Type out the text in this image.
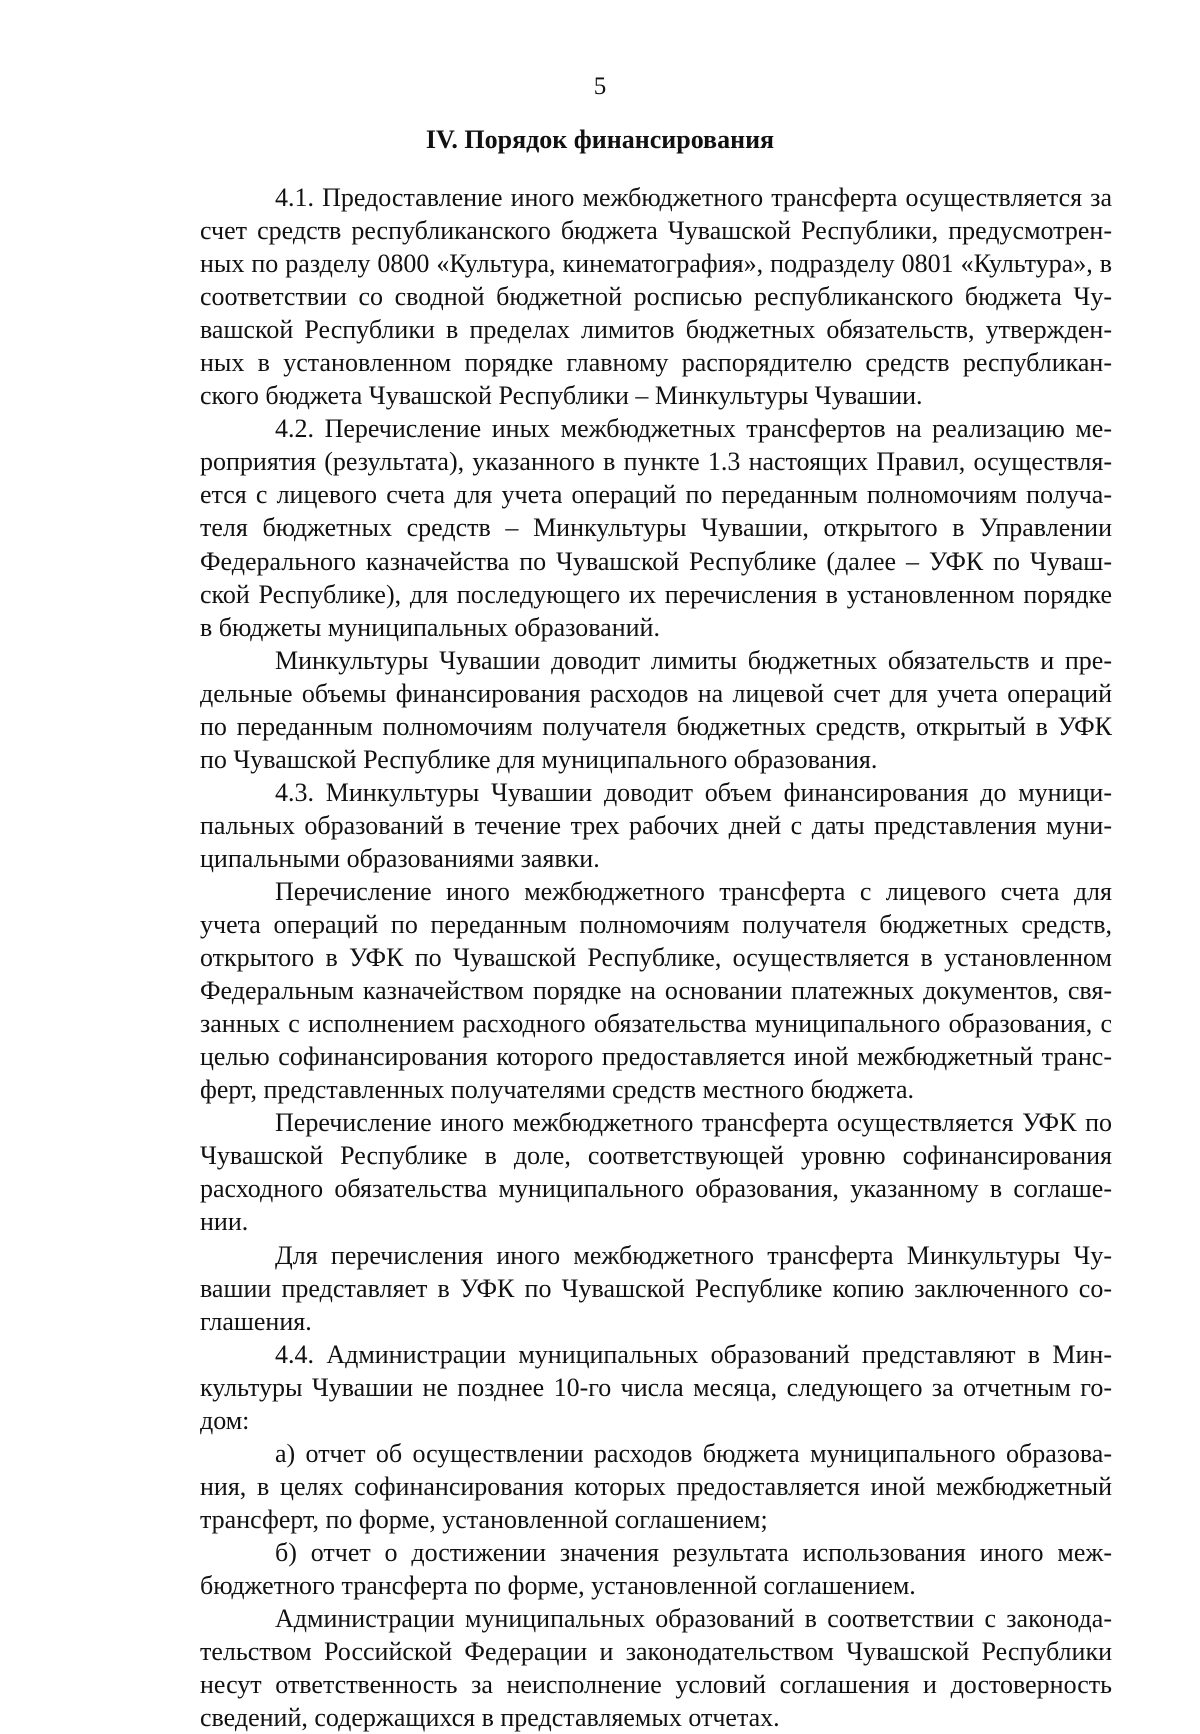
5
IV. Порядок финансирования

4.1. Предоставление иного межбюджетного трансферта осуществляется за счет средств республиканского бюджета Чувашской Республики, предусмотренных по разделу 0800 «Культура, кинематография», подразделу 0801 «Культура», в соответствии со сводной бюджетной росписью республиканского бюджета Чувашской Республики в пределах лимитов бюджетных обязательств, утвержденных в установленном порядке главному распорядителю средств республиканского бюджета Чувашской Республики – Минкультуры Чувашии.

4.2. Перечисление иных межбюджетных трансфертов на реализацию мероприятия (результата), указанного в пункте 1.3 настоящих Правил, осуществляется с лицевого счета для учета операций по переданным полномочиям получателя бюджетных средств – Минкультуры Чувашии, открытого в Управлении Федерального казначейства по Чувашской Республике (далее – УФК по Чувашской Республике), для последующего их перечисления в установленном порядке в бюджеты муниципальных образований.

Минкультуры Чувашии доводит лимиты бюджетных обязательств и предельные объемы финансирования расходов на лицевой счет для учета операций по переданным полномочиям получателя бюджетных средств, открытый в УФК по Чувашской Республике для муниципального образования.

4.3. Минкультуры Чувашии доводит объем финансирования до муниципальных образований в течение трех рабочих дней с даты представления муниципальными образованиями заявки.

Перечисление иного межбюджетного трансферта с лицевого счета для учета операций по переданным полномочиям получателя бюджетных средств, открытого в УФК по Чувашской Республике, осуществляется в установленном Федеральным казначейством порядке на основании платежных документов, связанных с исполнением расходного обязательства муниципального образования, с целью софинансирования которого предоставляется иной межбюджетный трансферт, представленных получателями средств местного бюджета.

Перечисление иного межбюджетного трансферта осуществляется УФК по Чувашской Республике в доле, соответствующей уровню софинансирования расходного обязательства муниципального образования, указанному в соглашении.

Для перечисления иного межбюджетного трансферта Минкультуры Чувашии представляет в УФК по Чувашской Республике копию заключенного соглашения.

4.4. Администрации муниципальных образований представляют в Минкультуры Чувашии не позднее 10-го числа месяца, следующего за отчетным годом:

а) отчет об осуществлении расходов бюджета муниципального образования, в целях софинансирования которых предоставляется иной межбюджетный трансферт, по форме, установленной соглашением;

б) отчет о достижении значения результата использования иного межбюджетного трансферта по форме, установленной соглашением.

Администрации муниципальных образований в соответствии с законодательством Российской Федерации и законодательством Чувашской Республики несут ответственность за неисполнение условий соглашения и достоверность сведений, содержащихся в представляемых отчетах.
